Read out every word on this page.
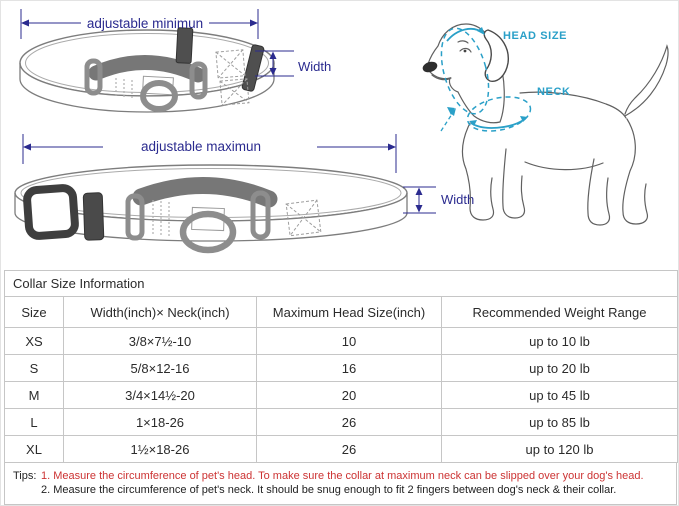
adjustable minimun
Width
adjustable maximun
Width
HEAD SIZE
NECK
Collar Size Information			
Size	Width(inch)× Neck(inch)	Maximum Head Size(inch)	Recommended Weight Range
XS	3/8×7½-10	10	up to 10 lb
S	5/8×12-16	16	up to 20 lb
M	3/4×14½-20	20	up to 45 lb
L	1×18-26	26	up to 85 lb
XL	1½×18-26	26	up to 120 lb
Tips: 1. Measure the circumference of pet's head. To make sure the collar at maximum neck can be slipped over your dog's head.
2. Measure the circumference of pet's neck. It should be snug enough to fit 2 fingers between dog's neck & their collar.
